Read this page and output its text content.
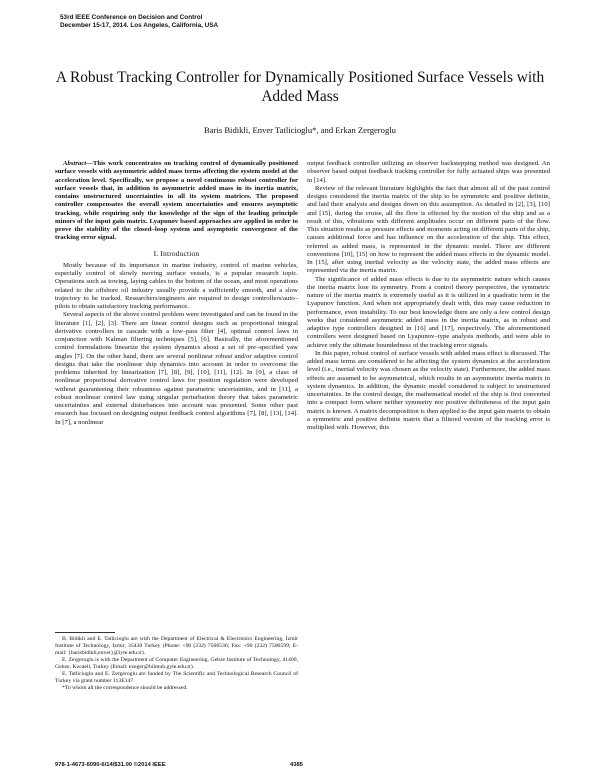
53rd IEEE Conference on Decision and Control
December 15-17, 2014. Los Angeles, California, USA
A Robust Tracking Controller for Dynamically Positioned Surface Vessels with Added Mass
Baris Bidikli, Enver Tatlicioglu*, and Erkan Zergeroglu

Abstract—This work concentrates on tracking control of dynamically positioned surface vessels with asymmetric added mass terms affecting the system model at the acceleration level. Specifically, we propose a novel continuous robust controller for surface vessels that, in addition to asymmetric added mass in its inertia matrix, contains unstructured uncertainties in all its system matrices. The proposed controller compensates the overall system uncertainties and ensures asymptotic tracking, while requiring only the knowledge of the sign of the leading principle minors of the input gain matrix. Lyapunov based approaches are applied in order to prove the stability of the closed–loop system and asymptotic convergence of the tracking error signal.

I. Introduction

Mostly because of its importance in marine industry, control of marine vehicles, especially control of slowly moving surface vessels, is a popular research topic. Operations such as towing, laying cables to the bottom of the ocean, and most operations related to the offshore oil industry usually provide a sufficiently smooth, and a slow trajectory to be tracked. Researchers/engineers are required to design controllers/auto–pilots to obtain satisfactory tracking performance.

Several aspects of the above control problem were investigated and can be found in the literature [1], [2], [3]. There are linear control designs such as proportional integral derivative controllers in cascade with a low–pass filter [4], optimal control laws in conjunction with Kalman filtering techniques [5], [6]. Basically, the aforementioned control formulations linearize the system dynamics about a set of pre–specified yaw angles [7]. On the other hand, there are several nonlinear robust and/or adaptive control designs that take the nonlinear ship dynamics into account in order to overcome the problems inherited by linearization [7], [8], [9], [10], [11], [12]. In [9], a class of nonlinear proportional derivative control laws for position regulation were developed without guaranteeing their robustness against parametric uncertainties, and in [11], a robust nonlinear control law using singular perturbation theory that takes parametric uncertainties and external disturbances into account was presented. Some other past research has focused on designing output feedback control algorithms [7], [8], [13], [14]. In [7], a nonlinear

B. Bidikli and E. Tatlicioglu are with the Department of Electrical & Electronics Engineering, Izmir Institute of Technology, Izmir, 35430 Turkey (Phone: +90 (232) 7506536; Fax: +90 (232) 7506599; E-mail: {barisbidikli,enver}@iyte.edu.tr).

E. Zergeroglu is with the Department of Computer Engineering, Gebze Institute of Technology, 41400, Gebze, Kocaeli, Turkey (Email: ezeger@bilmuh.gyte.edu.tr).

E. Tatlicioglu and E. Zergeroglu are funded by The Scientific and Technological Research Council of Turkey via grant number 113E147.

*To whom all the correspondence should be addressed.

output feedback controller utilizing an observer backstepping method was designed. An observer based output feedback tracking controller for fully actuated ships was presented in [14].

Review of the relevant literature highlights the fact that almost all of the past control designs considered the inertia matrix of the ship to be symmetric and positive definite, and laid their analysis and designs down on this assumption. As detailed in [2], [3], [10] and [15], during the cruise, all the flow is effected by the motion of the ship and as a result of this, vibrations with different amplitudes occur on different parts of the flow. This situation results as pressure effects and moments acting on different parts of the ship, causes additional force and has influence on the acceleration of the ship. This effect, referred as added mass, is represented in the dynamic model. There are different conventions [10], [15] on how to represent the added mass effects in the dynamic model. In [15], after using inertial velocity as the velocity state, the added mass effects are represented via the inertia matrix.

The significance of added mass effects is due to its asymmetric nature which causes the inertia matrix lose its symmetry. From a control theory perspective, the symmetric nature of the inertia matrix is extremely useful as it is utilized in a quadratic term in the Lyapunov function. And when not appropriately dealt with, this may cause reduction in performance, even instability. To our best knowledge there are only a few control design works that considered asymmetric added mass in the inertia matrix, as in robust and adaptive type controllers designed in [16] and [17], respectively. The aforementioned controllers were designed based on Lyapunov–type analysis methods, and were able to achieve only the ultimate boundedness of the tracking error signals.

In this paper, robust control of surface vessels with added mass effect is discussed. The added mass terms are considered to be affecting the system dynamics at the acceleration level (i.e., inertial velocity was chosen as the velocity state). Furthermore, the added mass effects are assumed to be asymmetrical, which results in an asymmetric inertia matrix in system dynamics. In addition, the dynamic model considered is subject to unstructured uncertainties. In the control design, the mathematical model of the ship is first converted into a compact form where neither symmetry nor positive definiteness of the input gain matrix is known. A matrix decomposition is then applied to the input gain matrix to obtain a symmetric and positive definite matrix that a filtered version of the tracking error is multiplied with. However, this

978-1-4673-6090-6/14/$31.00 ©2014 IEEE	4385
